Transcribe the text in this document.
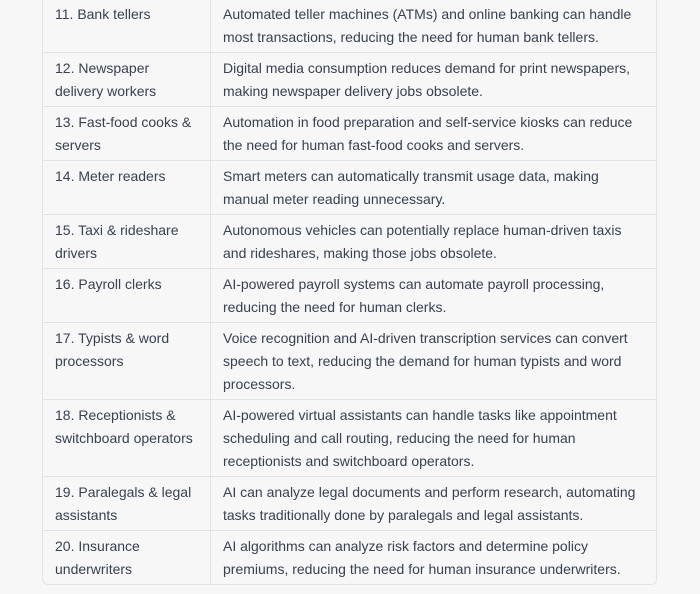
11. Bank tellers	Automated teller machines (ATMs) and online banking can handle most transactions, reducing the need for human bank tellers.
12. Newspaper delivery workers	Digital media consumption reduces demand for print newspapers, making newspaper delivery jobs obsolete.
13. Fast-food cooks & servers	Automation in food preparation and self-service kiosks can reduce the need for human fast-food cooks and servers.
14. Meter readers	Smart meters can automatically transmit usage data, making manual meter reading unnecessary.
15. Taxi & rideshare drivers	Autonomous vehicles can potentially replace human-driven taxis and rideshares, making those jobs obsolete.
16. Payroll clerks	AI-powered payroll systems can automate payroll processing, reducing the need for human clerks.
17. Typists & word processors	Voice recognition and AI-driven transcription services can convert speech to text, reducing the demand for human typists and word processors.
18. Receptionists & switchboard operators	AI-powered virtual assistants can handle tasks like appointment scheduling and call routing, reducing the need for human receptionists and switchboard operators.
19. Paralegals & legal assistants	AI can analyze legal documents and perform research, automating tasks traditionally done by paralegals and legal assistants.
20. Insurance underwriters	AI algorithms can analyze risk factors and determine policy premiums, reducing the need for human insurance underwriters.
